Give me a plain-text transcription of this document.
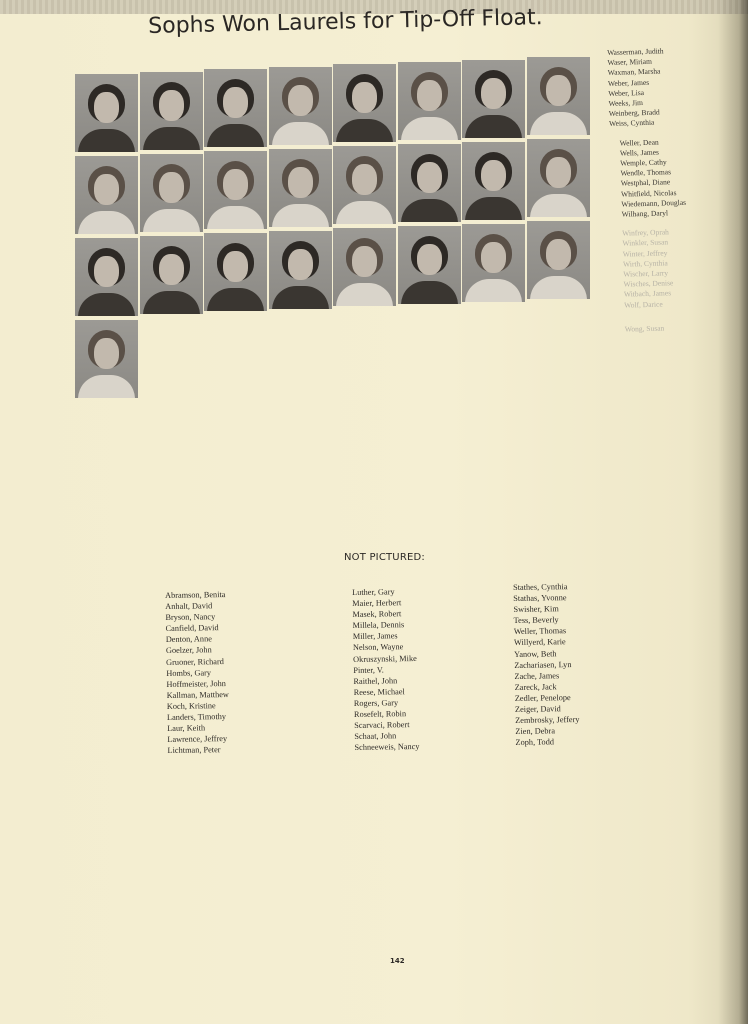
Sophs Won Laurels for Tip-Off Float.
Wasserman, Judith
Waser, Miriam
Waxman, Marsha
Weber, James
Weber, Lisa
Weeks, Jim
Weinberg, Bradd
Weiss, Cynthia
Weller, Dean
Wells, James
Wemple, Cathy
Wendle, Thomas
Westphal, Diane
Whitfield, Nicolas
Wiedemann, Douglas
Wilhang, Daryl
Winfrey, Oprah
Winkler, Susan
Winter, Jeffrey
Wirth, Cynthia
Wischer, Larry
Wisches, Denise
Witbach, James
Wolf, Darice
Wong, Susan
NOT PICTURED:
Abramson, Benita
Anhalt, David
Bryson, Nancy
Canfield, David
Denton, Anne
Goelzer, John
Gruoner, Richard
Hombs, Gary
Hoffmeister, John
Kallman, Matthew
Koch, Kristine
Landers, Timothy
Laur, Keith
Lawrence, Jeffrey
Lichtman, Peter
Luther, Gary
Maier, Herbert
Masek, Robert
Millela, Dennis
Miller, James
Nelson, Wayne
Okruszynski, Mike
Pinter, V.
Raithel, John
Reese, Michael
Rogers, Gary
Rosefelt, Robin
Scarvaci, Robert
Schaat, John
Schneeweis, Nancy
Stathes, Cynthia
Stathas, Yvonne
Swisher, Kim
Tess, Beverly
Weller, Thomas
Willyerd, Karie
Yanow, Beth
Zachariasen, Lyn
Zache, James
Zareck, Jack
Zedler, Penelope
Zeiger, David
Zembrosky, Jeffery
Zien, Debra
Zoph, Todd
142
